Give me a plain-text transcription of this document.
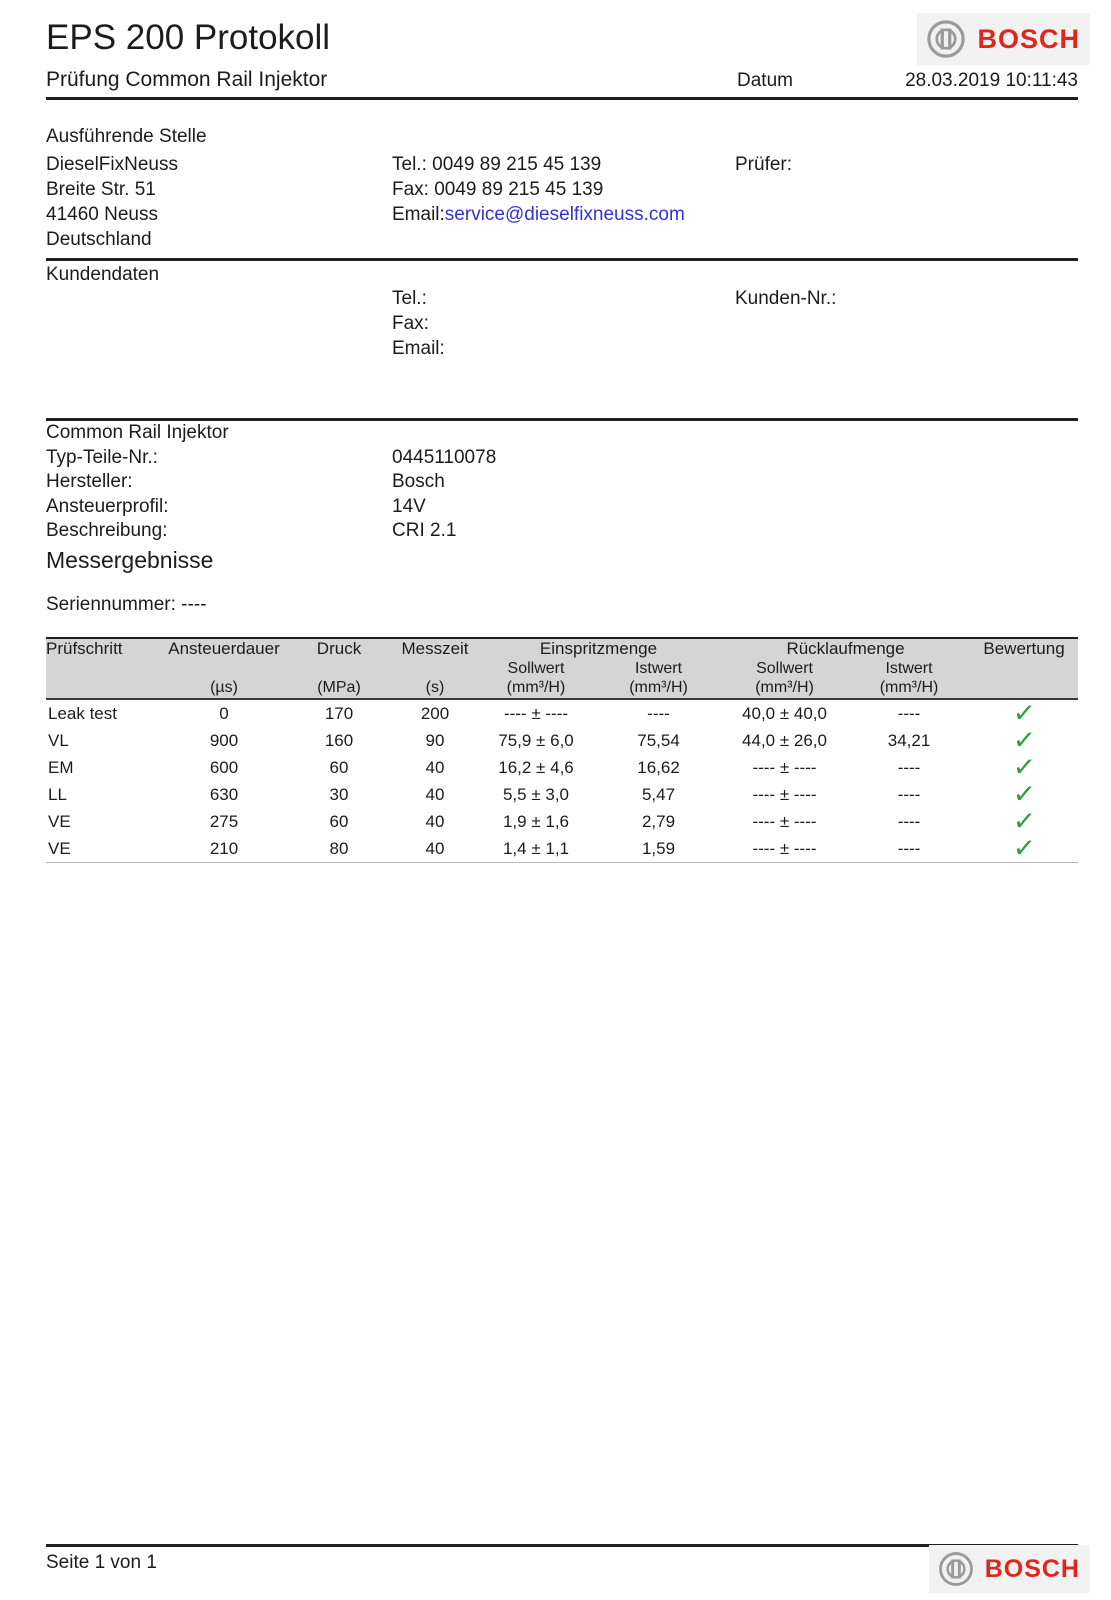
EPS 200 Protokoll	BOSCH
Prüfung Common Rail Injektor	Datum	28.03.2019 10:11:43
Ausführende Stelle
DieselFixNeuss
Breite Str. 51
41460 Neuss
Deutschland
Tel.: 0049 89 215 45 139
Fax: 0049 89 215 45 139
Email:service@dieselfixneuss.com
Prüfer:
Kundendaten
Tel.:
Fax:
Email:
Kunden-Nr.:
Common Rail Injektor
Typ-Teile-Nr.:	0445110078
Hersteller:	Bosch
Ansteuerprofil:	14V
Beschreibung:	CRI 2.1
Messergebnisse
Seriennummer: ----
Prüfschritt	Ansteuerdauer	Druck	Messzeit	Einspritzmenge		Rücklaufmenge		Bewertung
				Sollwert	Istwert	Sollwert	Istwert	
	(µs)	(MPa)	(s)	(mm³/H)	(mm³/H)	(mm³/H)	(mm³/H)	
Leak test	0	170	200	---- ± ----	----	40,0 ± 40,0	----	✓
VL	900	160	90	75,9 ± 6,0	75,54	44,0 ± 26,0	34,21	✓
EM	600	60	40	16,2 ± 4,6	16,62	---- ± ----	----	✓
LL	630	30	40	5,5 ± 3,0	5,47	---- ± ----	----	✓
VE	275	60	40	1,9 ± 1,6	2,79	---- ± ----	----	✓
VE	210	80	40	1,4 ± 1,1	1,59	---- ± ----	----	✓
Seite 1 von 1	BOSCH
